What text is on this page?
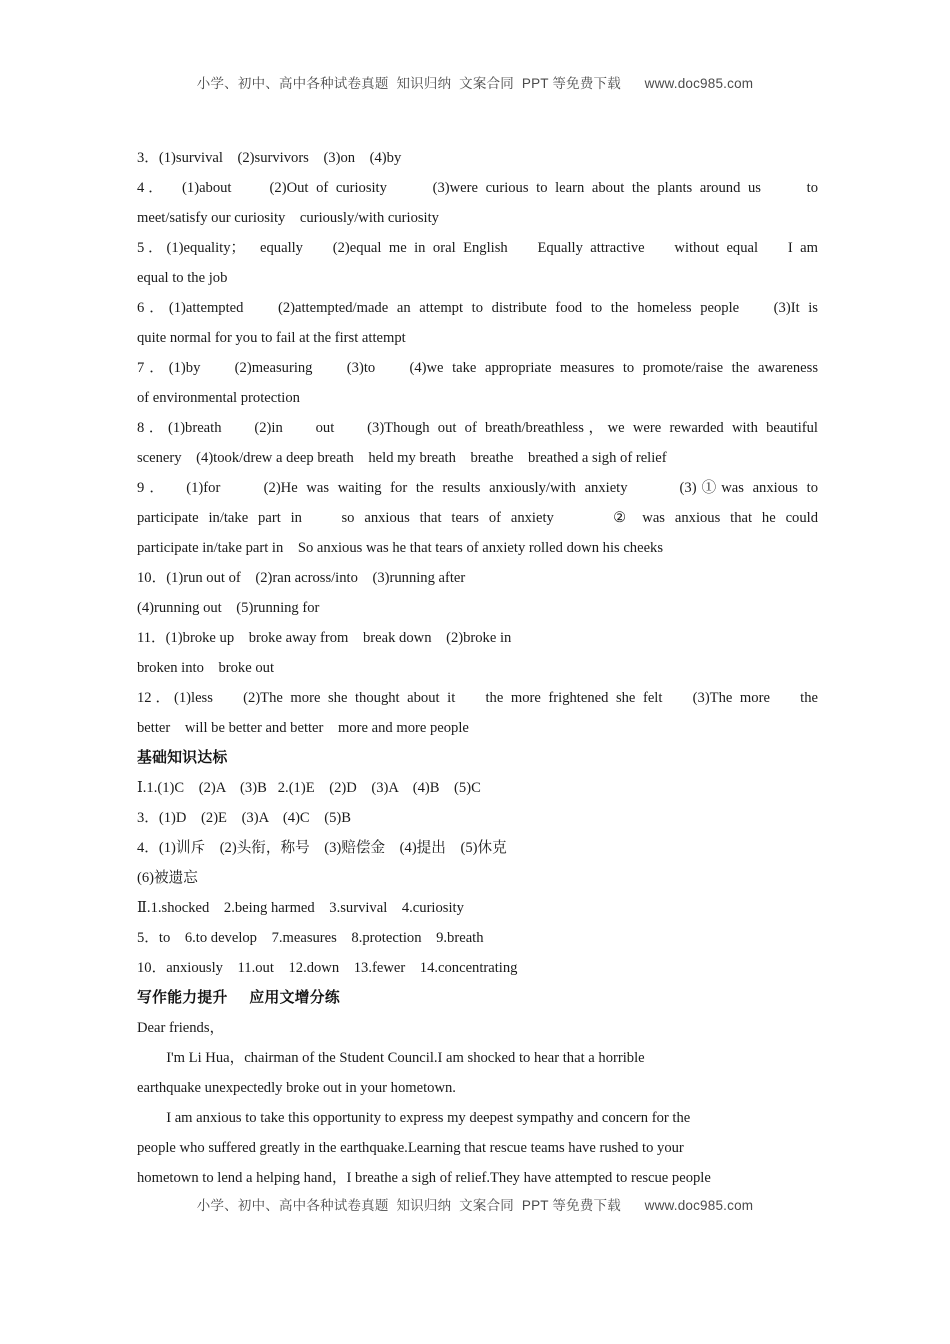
小学、初中、高中各种试卷真题  知识归纳  文案合同  PPT 等免费下载      www.doc985.com

3．(1)survival    (2)survivors    (3)on    (4)by

4．  (1)about     (2)Out of curiosity      (3)were curious to learn about the plants around us      to

meet/satisfy our curiosity    curiously/with curiosity

5．(1)equality；  equally    (2)equal me in oral English    Equally attractive    without equal    I am

equal to the job

6．(1)attempted    (2)attempted/made an attempt to distribute food to the homeless people    (3)It is

quite normal for you to fail at the first attempt

7．(1)by    (2)measuring    (3)to    (4)we take appropriate measures to promote/raise the awareness

of environmental protection

8．(1)breath    (2)in    out    (3)Though out of breath/breathless，we were rewarded with beautiful

scenery    (4)took/drew a deep breath    held my breath    breathe    breathed a sigh of relief

9．  (1)for     (2)He was waiting for the results anxiously/with anxiety      (3)①was anxious to

participate in/take part in    so anxious that tears of anxiety      ② was anxious that he could

participate in/take part in    So anxious was he that tears of anxiety rolled down his cheeks

10．(1)run out of    (2)ran across/into    (3)running after

(4)running out    (5)running for

11．(1)broke up    broke away from    break down    (2)broke in

broken into    broke out

12．(1)less    (2)The more she thought about it    the more frightened she felt    (3)The more    the

better    will be better and better    more and more people

基础知识达标

Ⅰ.1.(1)C    (2)A    (3)B   2.(1)E    (2)D    (3)A    (4)B    (5)C

3．(1)D    (2)E    (3)A    (4)C    (5)B

4．(1)训斥    (2)头衔，称号    (3)赔偿金    (4)提出    (5)休克

(6)被遗忘

Ⅱ.1.shocked    2.being harmed    3.survival    4.curiosity

5．to    6.to develop    7.measures    8.protection    9.breath

10．anxiously    11.out    12.down    13.fewer    14.concentrating

写作能力提升    应用文增分练

Dear friends，

I'm Li Hua，chairman of the Student Council.I am shocked to hear that a horrible

earthquake unexpectedly broke out in your hometown.

I am anxious to take this opportunity to express my deepest sympathy and concern for the

people who suffered greatly in the earthquake.Learning that rescue teams have rushed to your

hometown to lend a helping hand，I breathe a sigh of relief.They have attempted to rescue people

小学、初中、高中各种试卷真题  知识归纳  文案合同  PPT 等免费下载      www.doc985.com
